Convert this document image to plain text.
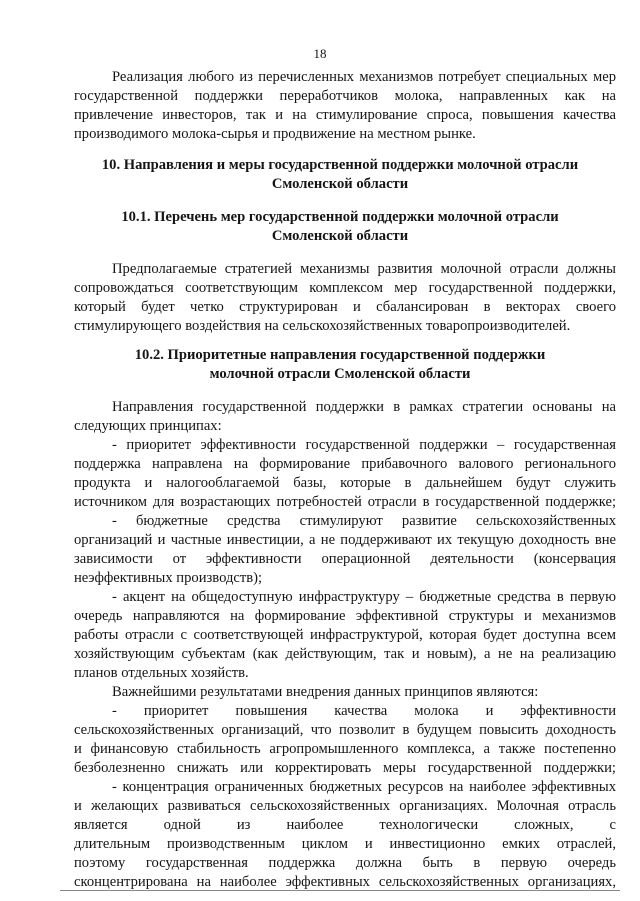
18
Реализация любого из перечисленных механизмов потребует специальных мер
государственной поддержки переработчиков молока, направленных как на
привлечение инвесторов, так и на стимулирование спроса, повышения качества
производимого молока-сырья и продвижение на местном рынке.
10. Направления и меры государственной поддержки молочной отрасли
Смоленской области
10.1. Перечень мер государственной поддержки молочной отрасли
Смоленской области
Предполагаемые стратегией механизмы развития молочной отрасли должны
сопровождаться соответствующим комплексом мер государственной поддержки,
который будет четко структурирован и сбалансирован в векторах своего
стимулирующего воздействия на сельскохозяйственных товаропроизводителей.
10.2. Приоритетные направления государственной поддержки
молочной отрасли Смоленской области
Направления государственной поддержки в рамках стратегии основаны на
следующих принципах:
- приоритет эффективности государственной поддержки – государственная
поддержка направлена на формирование прибавочного валового регионального
продукта и налогооблагаемой базы, которые в дальнейшем будут служить
источником для возрастающих потребностей отрасли в государственной поддержке;
- бюджетные средства стимулируют развитие сельскохозяйственных
организаций и частные инвестиции, а не поддерживают их текущую доходность вне
зависимости от эффективности операционной деятельности (консервация
неэффективных производств);
- акцент на общедоступную инфраструктуру – бюджетные средства в первую
очередь направляются на формирование эффективной структуры и механизмов
работы отрасли с соответствующей инфраструктурой, которая будет доступна всем
хозяйствующим субъектам (как действующим, так и новым), а не на реализацию
планов отдельных хозяйств.
Важнейшими результатами внедрения данных принципов являются:
- приоритет повышения качества молока и эффективности
сельскохозяйственных организаций, что позволит в будущем повысить доходность
и финансовую стабильность агропромышленного комплекса, а также постепенно
безболезненно снижать или корректировать меры государственной поддержки;
- концентрация ограниченных бюджетных ресурсов на наиболее эффективных
и желающих развиваться сельскохозяйственных организациях. Молочная отрасль
является одной из наиболее технологически сложных, с
длительным производственным циклом и инвестиционно емких отраслей,
поэтому государственная поддержка должна быть в первую очередь
сконцентрирована на наиболее эффективных сельскохозяйственных организациях,
